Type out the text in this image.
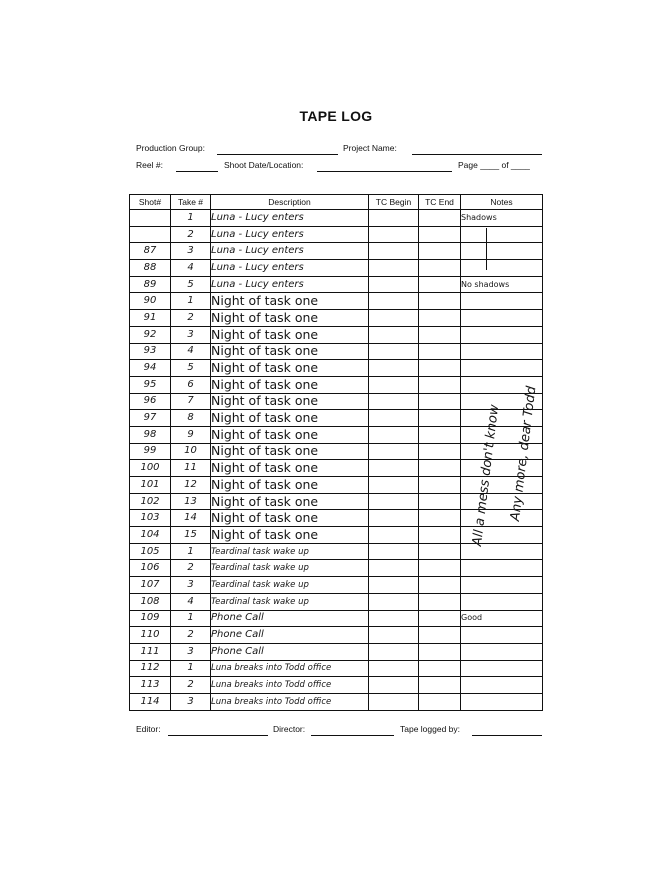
TAPE LOG
Production Group:	Project Name:
Reel #:	Shoot Date/Location:	Page ____ of ____
Shot#	Take #	Description	TC Begin	TC End	Notes
	1	Luna - Lucy enters			Shadows
	2	Luna - Lucy enters			
87	3	Luna - Lucy enters			
88	4	Luna - Lucy enters			
89	5	Luna - Lucy enters			No shadows
90	1	Night of task one			
91	2	Night of task one			
92	3	Night of task one			
93	4	Night of task one			
94	5	Night of task one			
95	6	Night of task one			
96	7	Night of task one			
97	8	Night of task one			
98	9	Night of task one			
99	10	Night of task one			
100	11	Night of task one			
101	12	Night of task one			
102	13	Night of task one			
103	14	Night of task one			
104	15	Night of task one			
105	1	Teardinal task wake up			
106	2	Teardinal task wake up			
107	3	Teardinal task wake up			
108	4	Teardinal task wake up			
109	1	Phone Call			Good
110	2	Phone Call			
111	3	Phone Call			
112	1	Luna breaks into Todd office			
113	2	Luna breaks into Todd office			
114	3	Luna breaks into Todd office			
All a mess don't know Any more, dear Todd
Editor:	Director:	Tape logged by:
